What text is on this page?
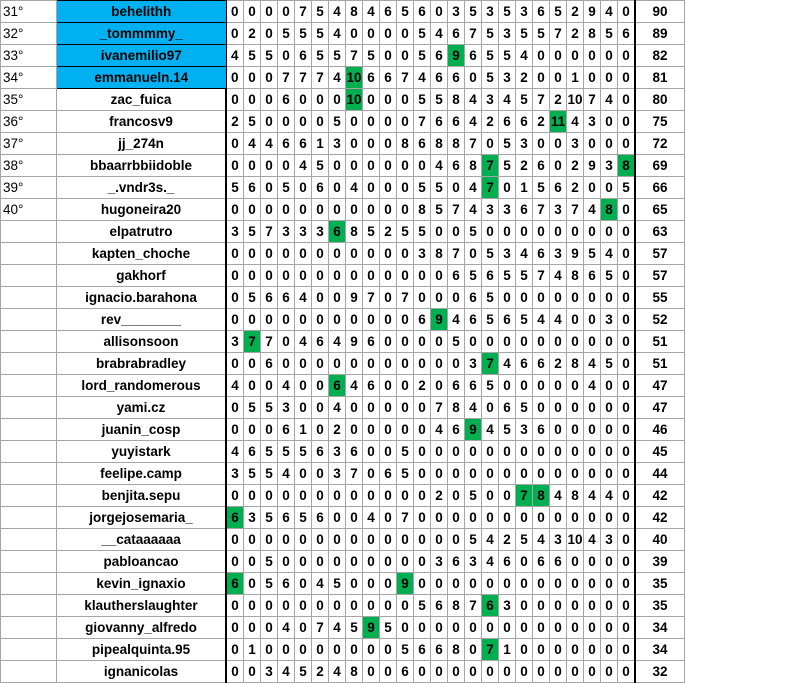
31°	behelithh	0	0	0	0	7	5	4	8	4	6	5	6	0	3	5	3	5	3	6	5	2	9	4	0	90
32°	_tommmmy_	0	2	0	5	5	5	4	0	0	0	0	5	4	6	7	5	3	5	5	7	2	8	5	6	89
33°	ivanemilio97	4	5	5	0	6	5	5	7	5	0	0	5	6	9	6	5	5	4	0	0	0	0	0	0	82
34°	emmanueln.14	0	0	0	7	7	7	4	10	6	6	7	4	6	6	0	5	3	2	0	0	1	0	0	0	81
35°	zac_fuica	0	0	0	6	0	0	0	10	0	0	0	5	5	8	4	3	4	5	7	2	10	7	4	0	80
36°	francosv9	2	5	0	0	0	0	5	0	0	0	0	7	6	6	4	2	6	6	2	11	4	3	0	0	75
37°	jj_274n	0	4	4	6	6	1	3	0	0	0	8	6	8	8	7	0	5	3	0	0	3	0	0	0	72
38°	bbaarrbbiidoble	0	0	0	0	4	5	0	0	0	0	0	0	4	6	8	7	5	2	6	0	2	9	3	8	69
39°	_.vndr3s._	5	6	0	5	0	6	0	4	0	0	0	5	5	0	4	7	0	1	5	6	2	0	0	5	66
40°	hugoneira20	0	0	0	0	0	0	0	0	0	0	0	8	5	7	4	3	3	6	7	3	7	4	8	0	65
	elpatrutro	3	5	7	3	3	3	6	8	5	2	5	5	0	0	5	0	0	0	0	0	0	0	0	0	63
	kapten_choche	0	0	0	0	0	0	0	0	0	0	0	3	8	7	0	5	3	4	6	3	9	5	4	0	57
	gakhorf	0	0	0	0	0	0	0	0	0	0	0	0	0	6	5	6	5	5	7	4	8	6	5	0	57
	ignacio.barahona	0	5	6	6	4	0	0	9	7	0	7	0	0	0	6	5	0	0	0	0	0	0	0	0	55
	rev________	0	0	0	0	0	0	0	0	0	0	0	6	9	4	6	5	6	5	4	4	0	0	3	0	52
	allisonsoon	3	7	7	0	4	6	4	9	6	0	0	0	0	5	0	0	0	0	0	0	0	0	0	0	51
	brabrabradley	0	0	6	0	0	0	0	0	0	0	0	0	0	0	3	7	4	6	6	2	8	4	5	0	51
	lord_randomerous	4	0	0	4	0	0	6	4	6	0	0	2	0	6	6	5	0	0	0	0	0	4	0	0	47
	yami.cz	0	5	5	3	0	0	4	0	0	0	0	0	7	8	4	0	6	5	0	0	0	0	0	0	47
	juanin_cosp	0	0	0	6	1	0	2	0	0	0	0	0	4	6	9	4	5	3	6	0	0	0	0	0	46
	yuyistark	4	6	5	5	5	6	3	6	0	0	5	0	0	0	0	0	0	0	0	0	0	0	0	0	45
	feelipe.camp	3	5	5	4	0	0	3	7	0	6	5	0	0	0	0	0	0	0	0	0	0	0	0	0	44
	benjita.sepu	0	0	0	0	0	0	0	0	0	0	0	0	2	0	5	0	0	7	8	4	8	4	4	0	42
	jorgejosemaria_	6	3	5	6	5	6	0	0	4	0	7	0	0	0	0	0	0	0	0	0	0	0	0	0	42
	__cataaaaaa	0	0	0	0	0	0	0	0	0	0	0	0	0	0	5	4	2	5	4	3	10	4	3	0	40
	pabloancao	0	0	5	0	0	0	0	0	0	0	0	0	3	6	3	4	6	0	6	6	0	0	0	0	39
	kevin_ignaxio	6	0	5	6	0	4	5	0	0	0	9	0	0	0	0	0	0	0	0	0	0	0	0	0	35
	klautherslaughter	0	0	0	0	0	0	0	0	0	0	0	5	6	8	7	6	3	0	0	0	0	0	0	0	35
	giovanny_alfredo	0	0	0	4	0	7	4	5	9	5	0	0	0	0	0	0	0	0	0	0	0	0	0	0	34
	pipealquinta.95	0	1	0	0	0	0	0	0	0	0	5	6	6	8	0	7	1	0	0	0	0	0	0	0	34
	ignanicolas	0	0	3	4	5	2	4	8	0	0	6	0	0	0	0	0	0	0	0	0	0	0	0	0	32
